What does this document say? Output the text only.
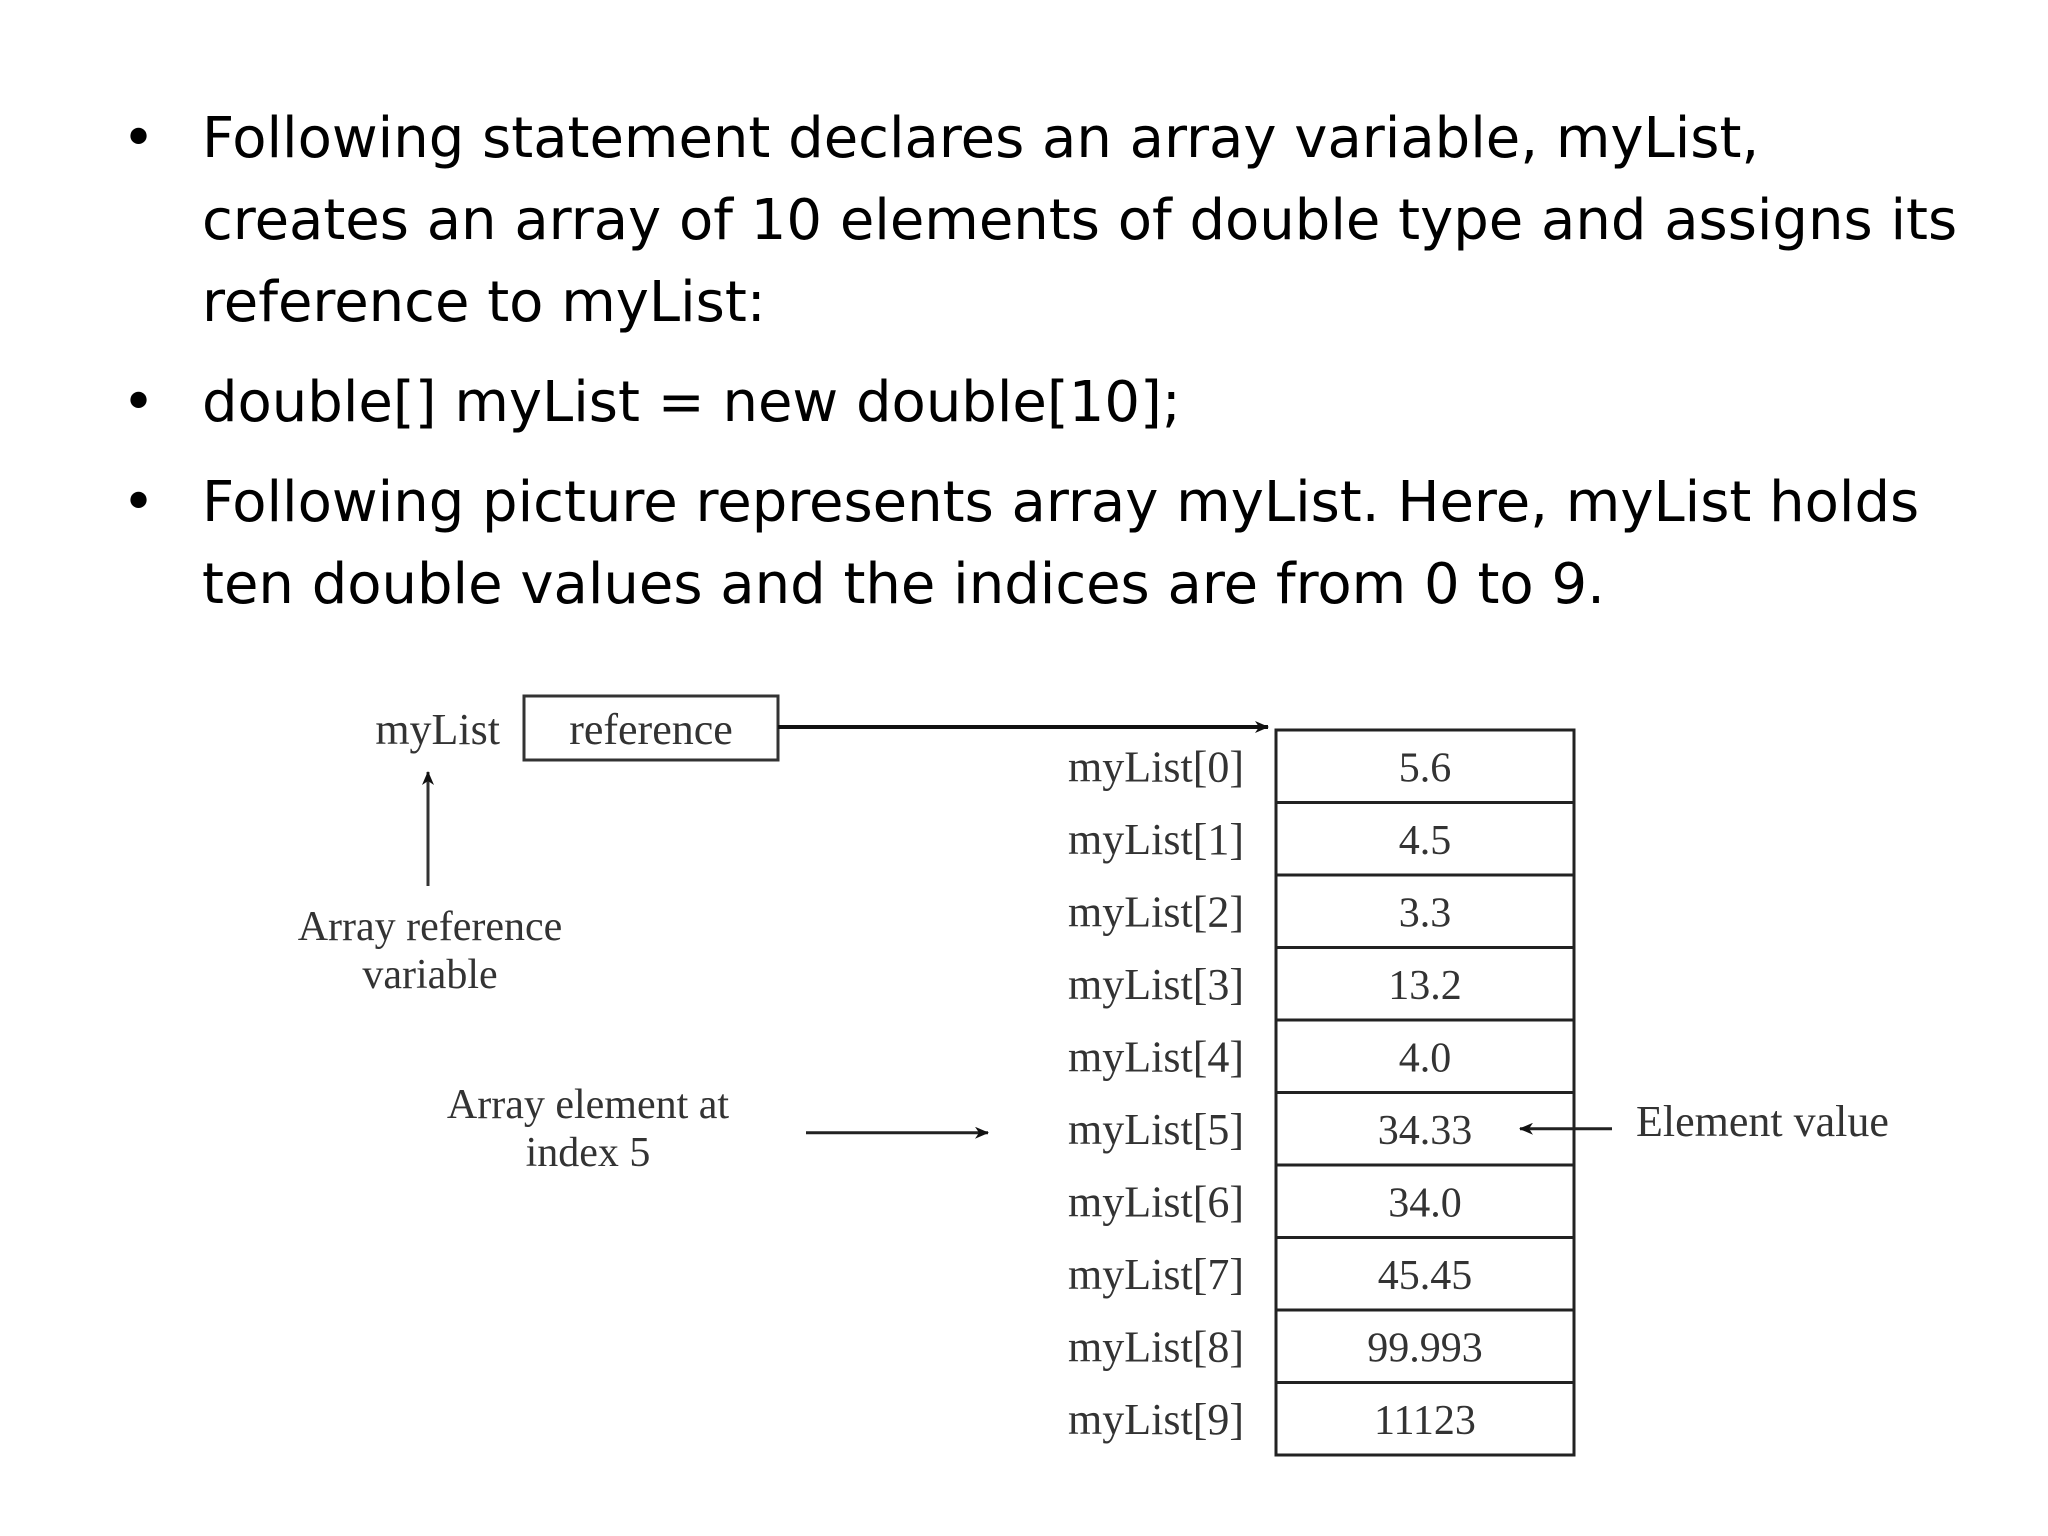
• Following statement declares an array variable, myList, creates an array of 10 elements of double type and assigns its reference to myList:
• double[] myList = new double[10];
• Following picture represents array myList. Here, myList holds ten double values and the indices are from 0 to 9.
myList reference
Array reference
variable
Array element at
index 5
Element value
5.6
myList[0]
4.5
myList[1]
3.3
myList[2]
13.2
myList[3]
4.0
myList[4]
34.33
myList[5]
34.0
myList[6]
45.45
myList[7]
99.993
myList[8]
11123
myList[9]
